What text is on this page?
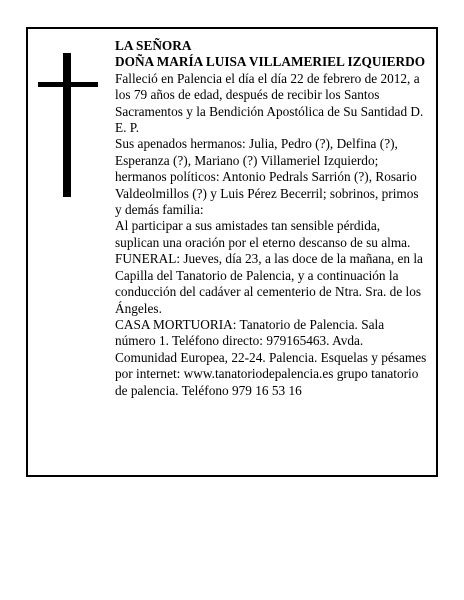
LA SEÑORA

DOÑA MARÍA LUISA VILLAMERIEL IZQUIERDO

Falleció en Palencia el día el día 22 de febrero de 2012, a los 79 años de edad, después de recibir los Santos Sacramentos y la Bendición Apostólica de Su Santidad D. E. P.

Sus apenados hermanos: Julia, Pedro (?), Delfina (?), Esperanza (?), Mariano (?) Villameriel Izquierdo; hermanos políticos: Antonio Pedrals Sarrión (?), Rosario Valdeolmillos (?) y Luis Pérez Becerril; sobrinos, primos y demás familia:

Al participar a sus amistades tan sensible pérdida, suplican una oración por el eterno descanso de su alma.

FUNERAL: Jueves, día 23, a las doce de la mañana, en la Capilla del Tanatorio de Palencia, y a continuación la conducción del cadáver al cementerio de Ntra. Sra. de los Ángeles.

CASA MORTUORIA: Tanatorio de Palencia. Sala número 1. Teléfono directo: 979165463. Avda. Comunidad Europea, 22-24. Palencia. Esquelas y pésames por internet: www.tanatoriodepalencia.es grupo tanatorio de palencia. Teléfono 979 16 53 16
